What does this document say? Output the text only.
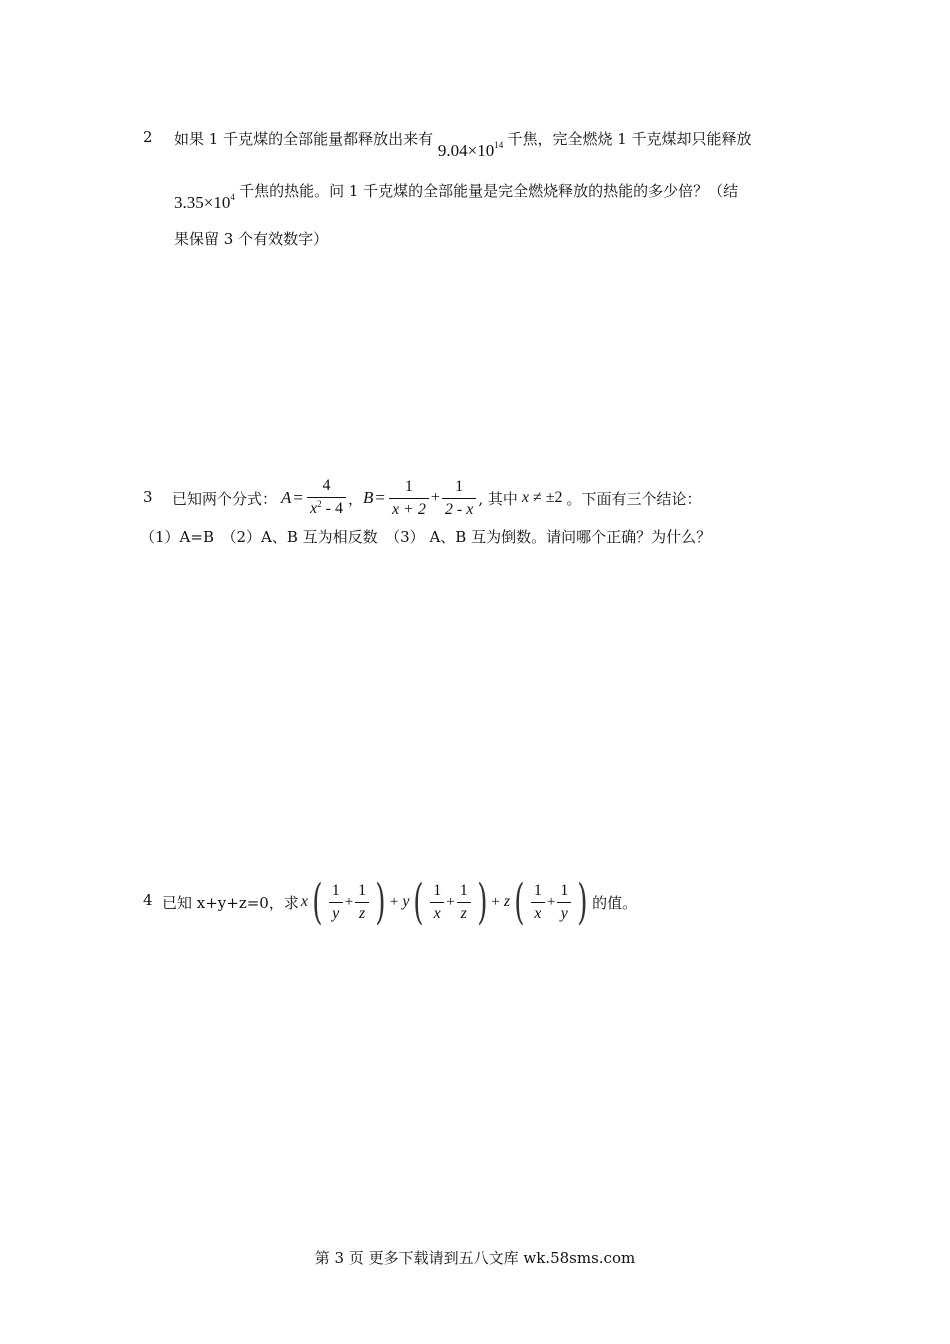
2 如果 1 千克煤的全部能量都释放出来有 $9.04\times 10^{14}$ 千焦，完全燃烧 1 千克煤却只能释放
$3.35\times 10^4$ 千焦的热能。问 1 千克煤的全部能量是完全燃烧释放的热能的多少倍？（结
果保留 3 个有效数字）
3 已知两个分式： $A = \frac{4}{x^2 - 4}$ ， $B = \frac{1}{x + 2} + \frac{1}{2 - x}$ , 其中 x ≠ ±2 。下面有三个结论：
（1）A=B　（2）A、B 互为相反数　（3） A、B 互为倒数。请问哪个正确？为什么？
4 已知 x+y+z=0，求 x ( $\frac{1}{y} + \frac{1}{z}$ ) + y ( $\frac{1}{x} + \frac{1}{z}$ ) + z ( $\frac{1}{x} + \frac{1}{y}$ ) 的值。
第 3 页 更多下载请到五八文库 wk.58sms.com
